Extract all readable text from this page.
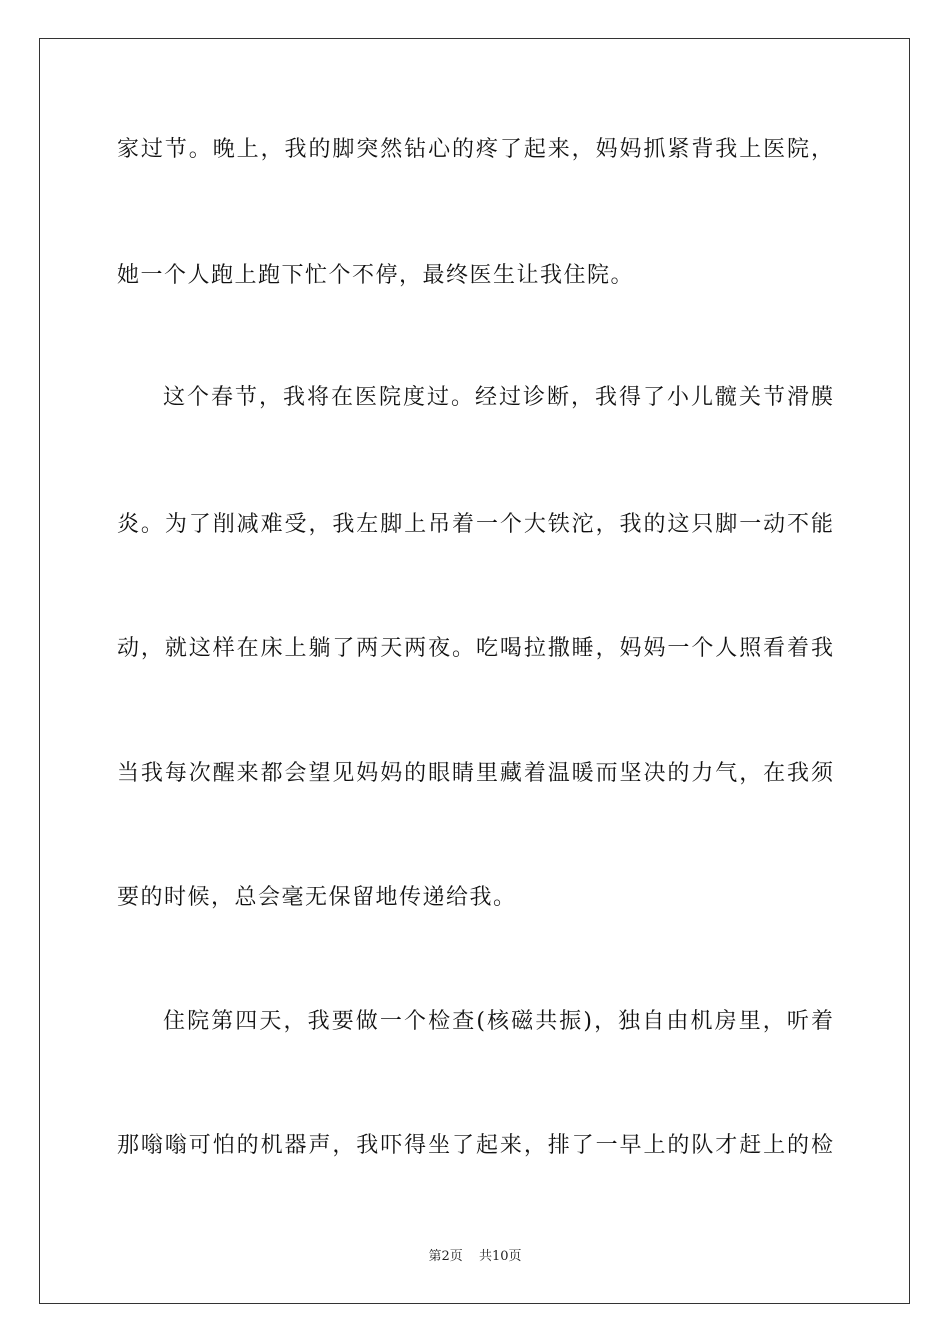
家过节。晚上，我的脚突然钻心的疼了起来，妈妈抓紧背我上医院，
她一个人跑上跑下忙个不停，最终医生让我住院。
这个春节，我将在医院度过。经过诊断，我得了小儿髋关节滑膜
炎。为了削减难受，我左脚上吊着一个大铁沱，我的这只脚一动不能
动，就这样在床上躺了两天两夜。吃喝拉撒睡，妈妈一个人照看着我
当我每次醒来都会望见妈妈的眼睛里藏着温暖而坚决的力气，在我须
要的时候，总会毫无保留地传递给我。
住院第四天，我要做一个检查(核磁共振)，独自由机房里，听着
那嗡嗡可怕的机器声，我吓得坐了起来，排了一早上的队才赶上的检
第2页 共10页
